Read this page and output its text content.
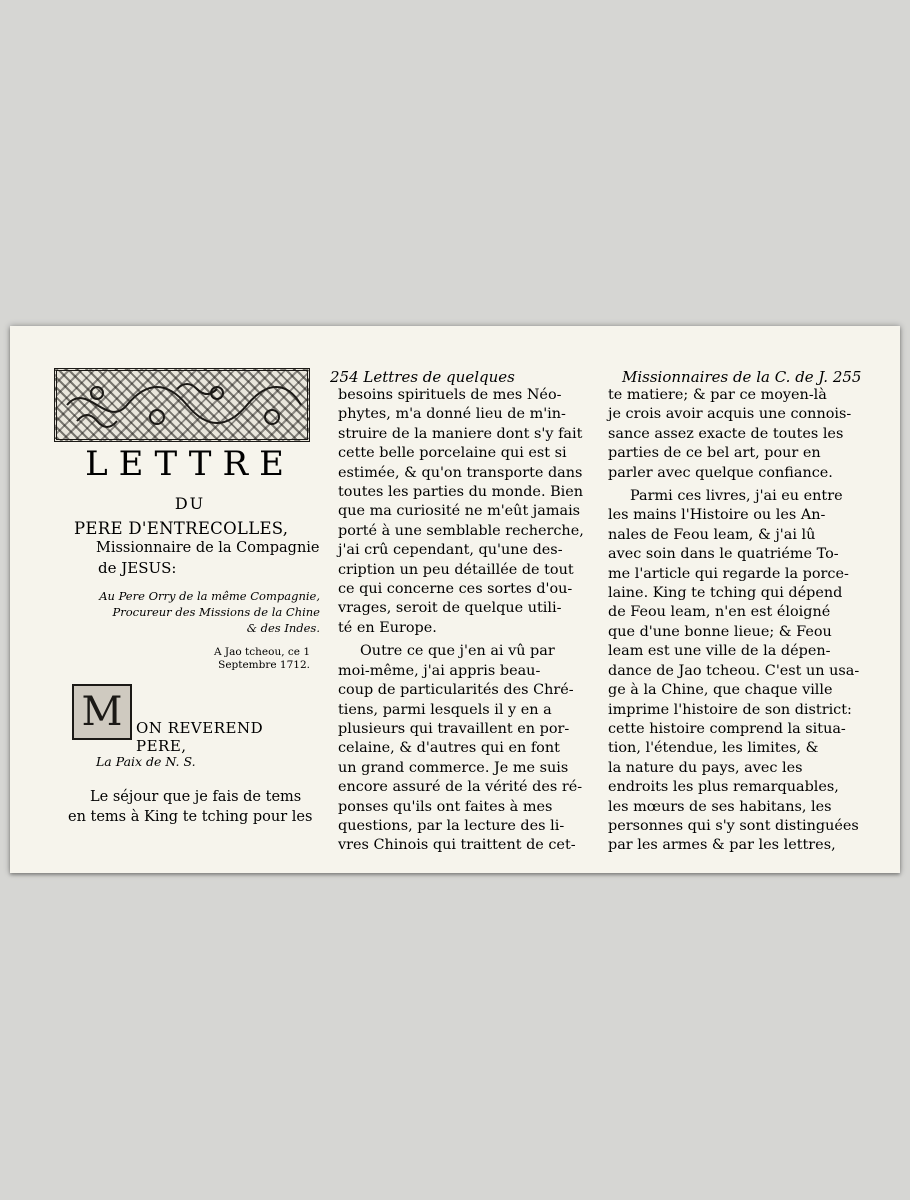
LETTRE
DU
PERE D'ENTRECOLLES,
Missionnaire de la Compagnie
de JESUS:
Au Pere Orry de la même Compagnie,
Procureur des Missions de la Chine
& des Indes.
A Jao tcheou, ce 1
Septembre 1712.
M ON REVEREND PERE,
La Paix de N. S.
Le séjour que je fais de tems
en tems à King te tching pour les
254 Lettres de quelques
besoins spirituels de mes Néo-
phytes, m'a donné lieu de m'in-
struire de la maniere dont s'y fait
cette belle porcelaine qui est si
estimée, & qu'on transporte dans
toutes les parties du monde. Bien
que ma curiosité ne m'eût jamais
porté à une semblable recherche,
j'ai crû cependant, qu'une des-
cription un peu détaillée de tout
ce qui concerne ces sortes d'ou-
vrages, seroit de quelque utili-
té en Europe.
Outre ce que j'en ai vû par
moi-même, j'ai appris beau-
coup de particularités des Chré-
tiens, parmi lesquels il y en a
plusieurs qui travaillent en por-
celaine, & d'autres qui en font
un grand commerce. Je me suis
encore assuré de la vérité des ré-
ponses qu'ils ont faites à mes
questions, par la lecture des li-
vres Chinois qui traittent de cet-
Missionnaires de la C. de J. 255
te matiere; & par ce moyen-là
je crois avoir acquis une connois-
sance assez exacte de toutes les
parties de ce bel art, pour en
parler avec quelque confiance.
Parmi ces livres, j'ai eu entre
les mains l'Histoire ou les An-
nales de Feou leam, & j'ai lû
avec soin dans le quatriéme To-
me l'article qui regarde la porce-
laine. King te tching qui dépend
de Feou leam, n'en est éloigné
que d'une bonne lieue; & Feou
leam est une ville de la dépen-
dance de Jao tcheou. C'est un usa-
ge à la Chine, que chaque ville
imprime l'histoire de son district:
cette histoire comprend la situa-
tion, l'étendue, les limites, &
la nature du pays, avec les
endroits les plus remarquables,
les mœurs de ses habitans, les
personnes qui s'y sont distinguées
par les armes & par les lettres,
